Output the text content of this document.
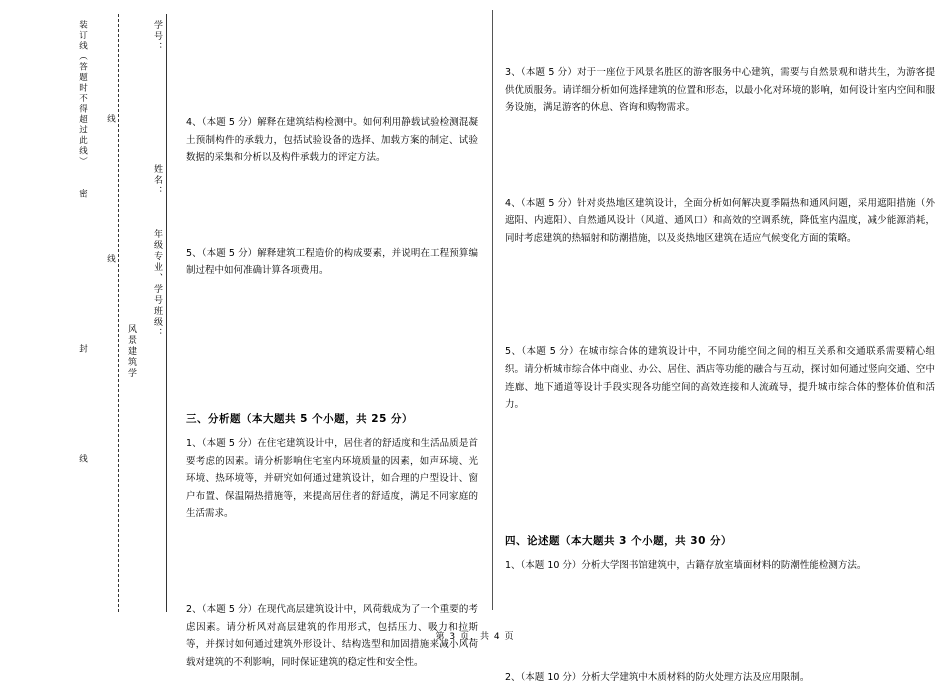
学号：
姓名：
年级专业、学号班级：
风景建筑学
装订线（答题时不得超过此线）
密
封
线
线
线

4、（本题 5 分）解释在建筑结构检测中。如何利用静载试验检测混凝土预制构件的承载力，包括试验设备的选择、加载方案的制定、试验数据的采集和分析以及构件承载力的评定方法。

5、（本题 5 分）解释建筑工程造价的构成要素，并说明在工程预算编制过程中如何准确计算各项费用。

三、分析题（本大题共 5 个小题，共 25 分）

1、（本题 5 分）在住宅建筑设计中，居住者的舒适度和生活品质是首要考虑的因素。请分析影响住宅室内环境质量的因素，如声环境、光环境、热环境等，并研究如何通过建筑设计，如合理的户型设计、窗户布置、保温隔热措施等，来提高居住者的舒适度，满足不同家庭的生活需求。

2、（本题 5 分）在现代高层建筑设计中，风荷载成为了一个重要的考虑因素。请分析风对高层建筑的作用形式，包括压力、吸力和拉斯等，并探讨如何通过建筑外形设计、结构选型和加固措施来减小风荷载对建筑的不利影响，同时保证建筑的稳定性和安全性。

3、（本题 5 分）对于一座位于风景名胜区的游客服务中心建筑，需要与自然景观和谐共生，为游客提供优质服务。请详细分析如何选择建筑的位置和形态，以最小化对环境的影响，如何设计室内空间和服务设施，满足游客的休息、咨询和购物需求。

4、（本题 5 分）针对炎热地区建筑设计，全面分析如何解决夏季隔热和通风问题，采用遮阳措施（外遮阳、内遮阳）、自然通风设计（风道、通风口）和高效的空调系统，降低室内温度，减少能源消耗，同时考虑建筑的热辐射和防潮措施，以及炎热地区建筑在适应气候变化方面的策略。

5、（本题 5 分）在城市综合体的建筑设计中，不同功能空间之间的相互关系和交通联系需要精心组织。请分析城市综合体中商业、办公、居住、酒店等功能的融合与互动，探讨如何通过竖向交通、空中连廊、地下通道等设计手段实现各功能空间的高效连接和人流疏导，提升城市综合体的整体价值和活力。

四、论述题（本大题共 3 个小题，共 30 分）

1、（本题 10 分）分析大学图书馆建筑中，古籍存放室墙面材料的防潮性能检测方法。

2、（本题 10 分）分析大学建筑中木质材料的防火处理方法及应用限制。

第 3 页，共 4 页
